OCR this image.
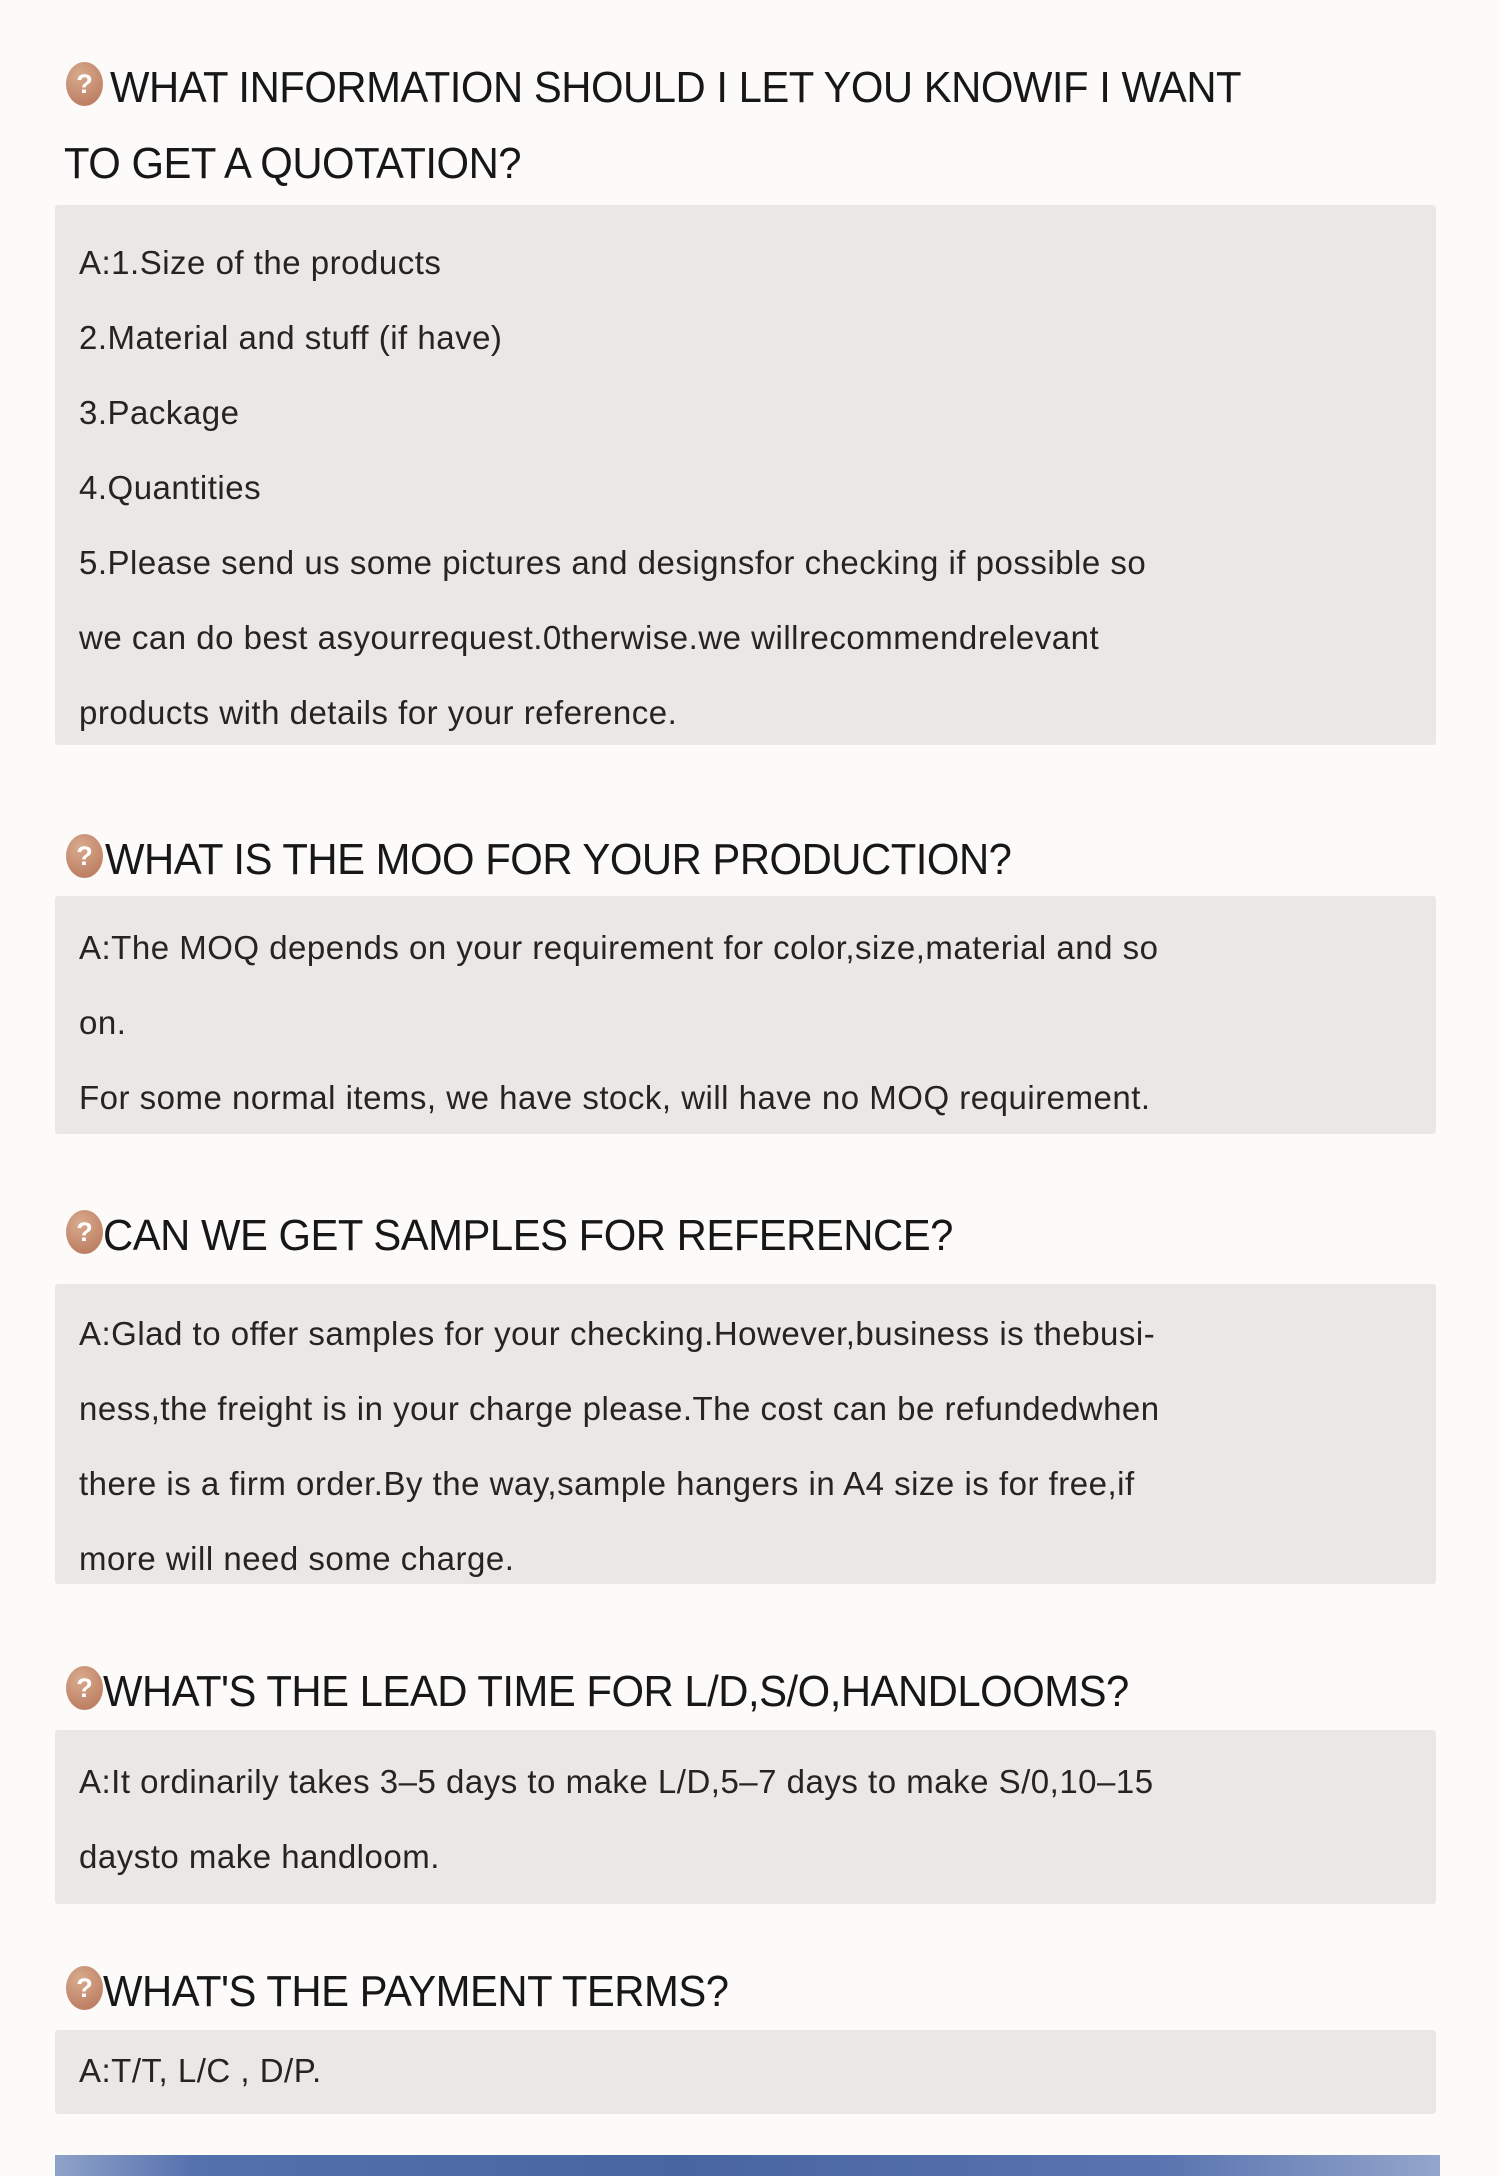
? WHAT INFORMATION SHOULD I LET YOU KNOWIF I WANT
TO GET A QUOTATION?
A:1.Size of the products
2.Material and stuff (if have)
3.Package
4.Quantities
5.Please send us some pictures and designsfor checking if possible so
we can do best asyourrequest.0therwise.we willrecommendrelevant
products with details for your reference.
? WHAT IS THE MOO FOR YOUR PRODUCTION?
A:The MOQ depends on your requirement for color,size,material and so
on.
For some normal items, we have stock, will have no MOQ requirement.
? CAN WE GET SAMPLES FOR REFERENCE?
A:Glad to offer samples for your checking.However,business is thebusi-
ness,the freight is in your charge please.The cost can be refundedwhen
there is a firm order.By the way,sample hangers in A4 size is for free,if
more will need some charge.
? WHAT'S THE LEAD TIME FOR L/D,S/O,HANDLOOMS?
A:It ordinarily takes 3–5 days to make L/D,5–7 days to make S/0,10–15
daysto make handloom.
? WHAT'S THE PAYMENT TERMS?
A:T/T, L/C , D/P.
